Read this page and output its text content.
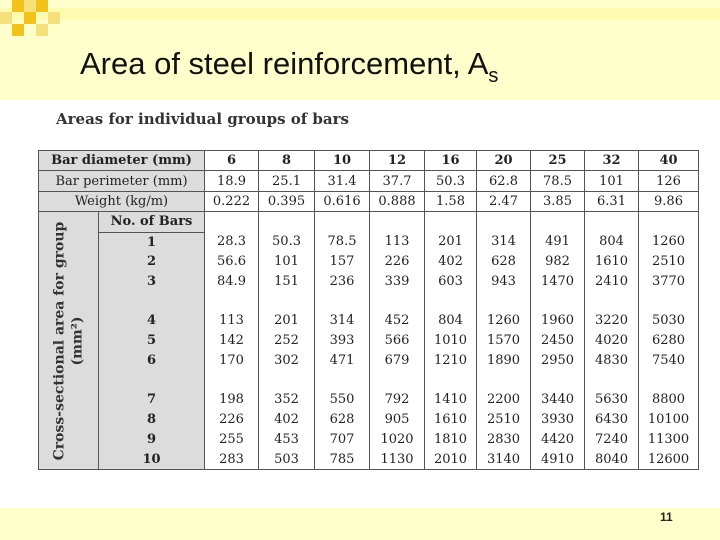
Area of steel reinforcement, $A_s$
Areas for individual groups of bars
Bar diameter (mm)		6	8	10	12	16	20	25	32	40
Bar perimeter (mm)		18.9	25.1	31.4	37.7	50.3	62.8	78.5	101	126
Weight (kg/m)		0.222	0.395	0.616	0.888	1.58	2.47	3.85	6.31	9.86

Cross-sectional area for group (mm²)	No. of Bars									
	1	28.3	50.3	78.5	113	201	314	491	804	1260
	2	56.6	101	157	226	402	628	982	1610	2510
	3	84.9	151	236	339	603	943	1470	2410	3770

	4	113	201	314	452	804	1260	1960	3220	5030
	5	142	252	393	566	1010	1570	2450	4020	6280
	6	170	302	471	679	1210	1890	2950	4830	7540

	7	198	352	550	792	1410	2200	3440	5630	8800
	8	226	402	628	905	1610	2510	3930	6430	10100
	9	255	453	707	1020	1810	2830	4420	7240	11300
	10	283	503	785	1130	2010	3140	4910	8040	12600
11
